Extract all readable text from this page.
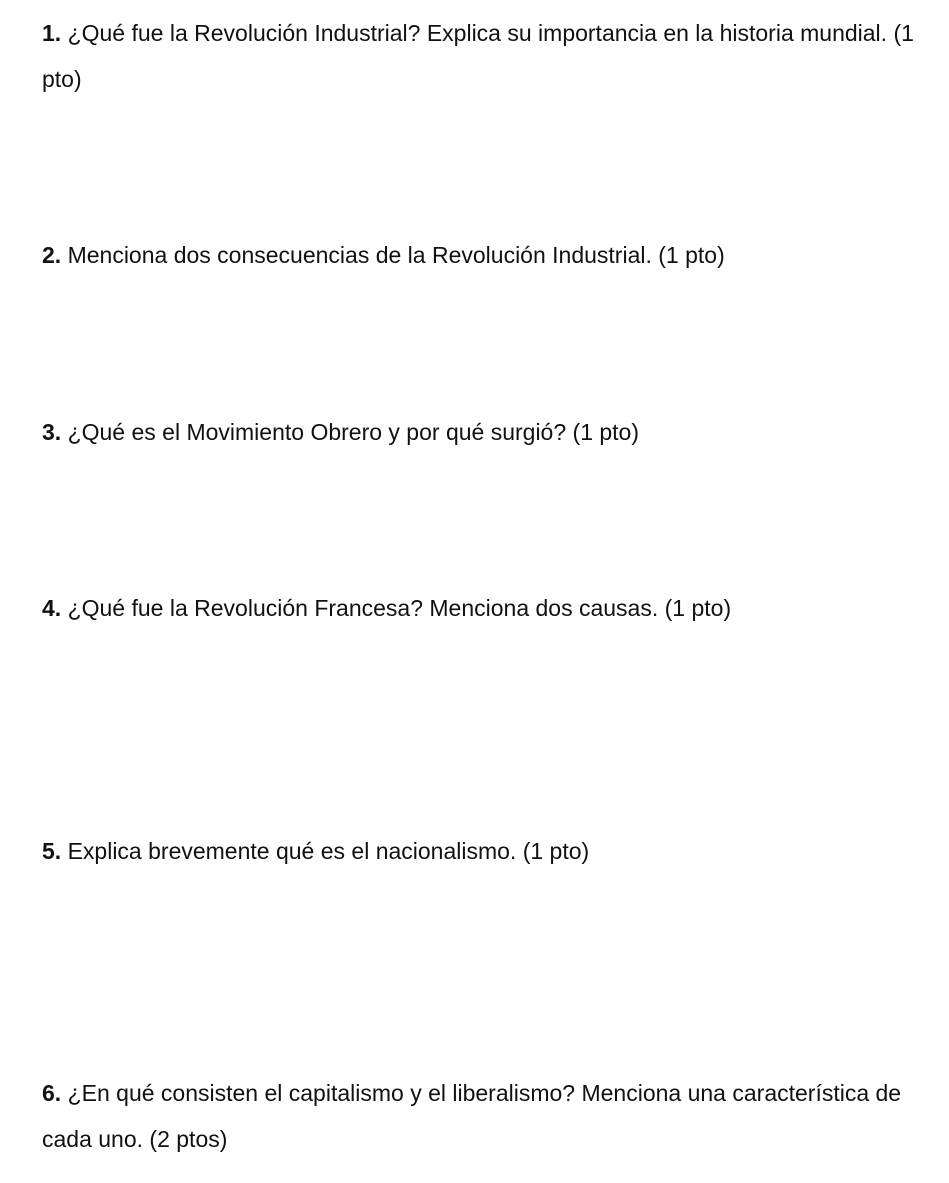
1. ¿Qué fue la Revolución Industrial? Explica su importancia en la historia mundial. (1 pto)

2. Menciona dos consecuencias de la Revolución Industrial. (1 pto)

3. ¿Qué es el Movimiento Obrero y por qué surgió? (1 pto)

4. ¿Qué fue la Revolución Francesa? Menciona dos causas. (1 pto)

5. Explica brevemente qué es el nacionalismo. (1 pto)

6. ¿En qué consisten el capitalismo y el liberalismo? Menciona una característica de cada uno. (2 ptos)
